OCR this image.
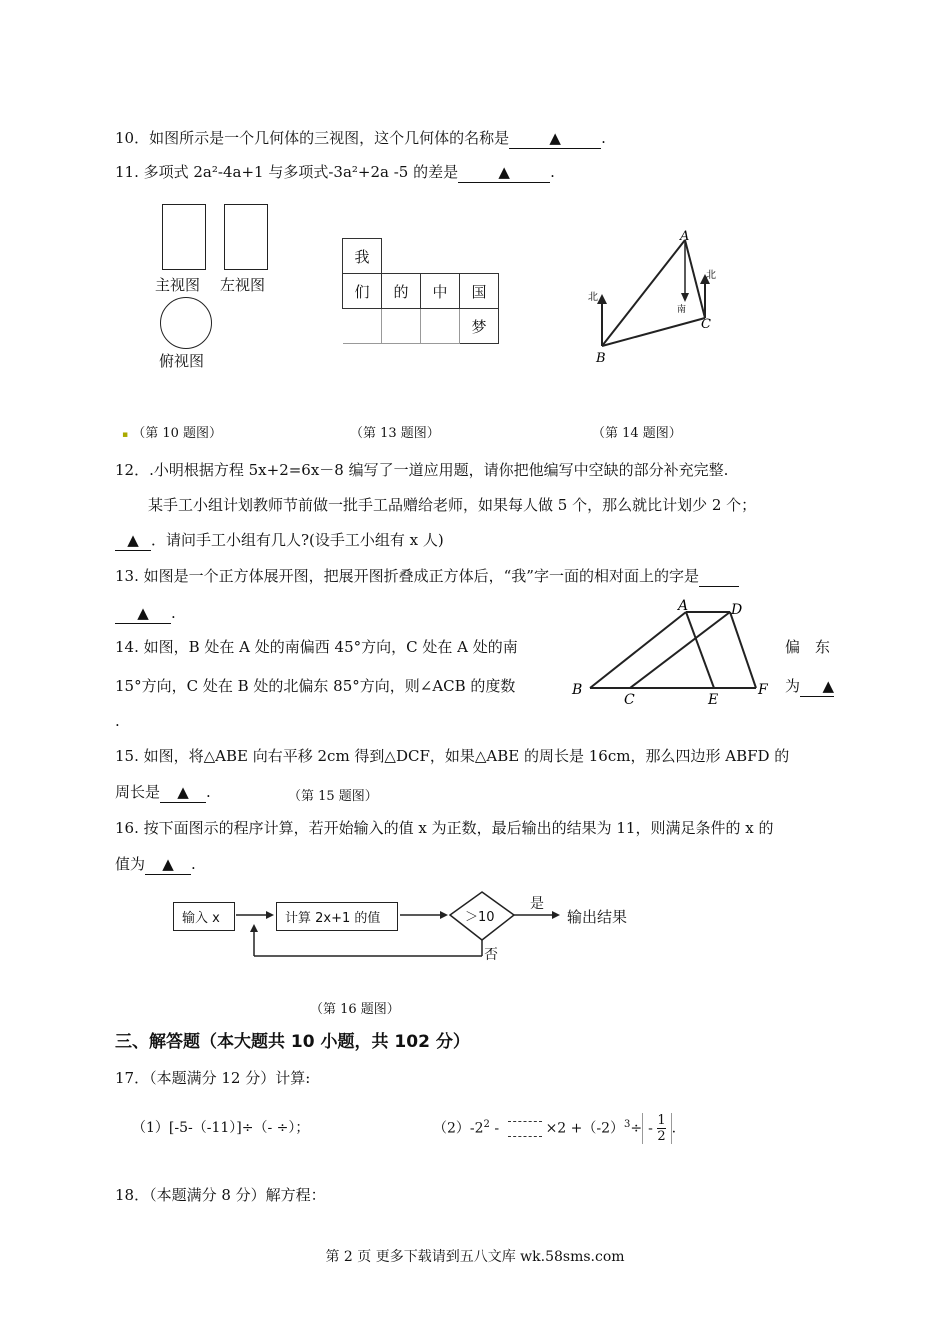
10．如图所示是一个几何体的三视图，这个几何体的名称是	▲	.
11. 多项式 2a²-4a+1 与多项式-3a²+2a -5 的差是	▲	.
主视图 左视图
俯视图
▪ （第 10 题图）
我			
们	的	中	国
			梦
（第 13 题图）
A
B
C
北
北
南
（第 14 题图）
12．.小明根据方程 5x+2=6x－8 编写了一道应用题，请你把他编写中空缺的部分补充完整.
某手工小组计划教师节前做一批手工品赠给老师，如果每人做 5 个，那么就比计划少 2 个；
▲ ．请问手工小组有几人?(设手工小组有 x 人)
13. 如图是一个正方体展开图，把展开图折叠成正方体后，“我”字一面的相对面上的字是
▲ .	A	D
B
C	E
F
14. 如图，B 处在 A 处的南偏西 45°方向，C 处在 A 处的南	偏　东
15°方向，C 处在 B 处的北偏东 85°方向，则∠ACB 的度数	为 ▲
.
15. 如图，将△ABE 向右平移 2cm 得到△DCF，如果△ABE 的周长是 16cm，那么四边形 ABFD 的
周长是 ▲ .	（第 15 题图）
16. 按下面图示的程序计算，若开始输入的值 x 为正数，最后输出的结果为 11，则满足条件的 x 的
值为 ▲ .
输入 x	计算 2x+1 的值	＞10
是
否
输出结果
（第 16 题图）
三、解答题（本大题共 10 小题，共 102 分）
17．（本题满分 12 分）计算:
（1）[-5-（-11）]÷（- ÷）；	$(2)-2^2$ -	$\times 2 +(-2)^3\div - \frac{1}{2}$ .
18．（本题满分 8 分）解方程：
第 2 页 更多下载请到五八文库 wk.58sms.com
